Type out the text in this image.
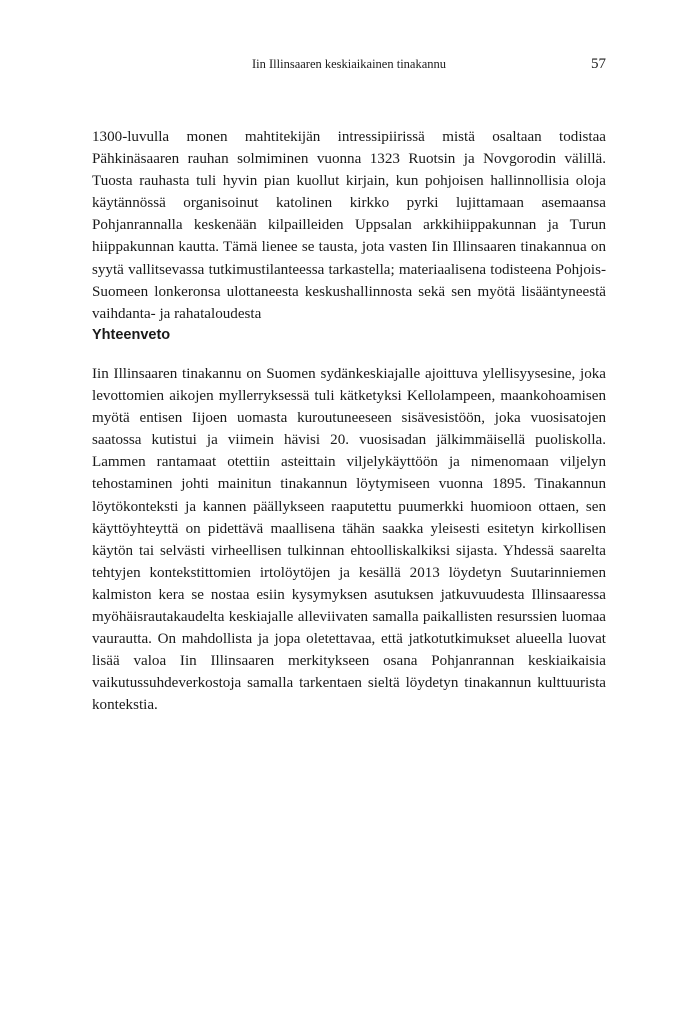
Iin Illinsaaren keskiaikainen tinakannu	57

1300-luvulla monen mahtitekijän intressipiirissä mistä osaltaan todistaa Pähkinäsaaren rauhan solmiminen vuonna 1323 Ruotsin ja Novgorodin välillä. Tuosta rauhasta tuli hyvin pian kuollut kirjain, kun pohjoisen hallinnollisia oloja käytännössä organisoinut katolinen kirkko pyrki lujittamaan asemaansa Pohjanrannalla keskenään kilpailleiden Uppsalan arkkihiippakunnan ja Turun hiippakunnan kautta. Tämä lienee se tausta, jota vasten Iin Illinsaaren tinakannua on syytä vallitsevassa tutkimustilanteessa tarkastella; materiaalisena todisteena Pohjois-Suomeen lonkeronsa ulottaneesta keskushallinnosta sekä sen myötä lisääntyneestä vaihdanta- ja rahataloudesta

Yhteenveto

Iin Illinsaaren tinakannu on Suomen sydänkeskiajalle ajoittuva ylellisyysesine, joka levottomien aikojen myllerryksessä tuli kätketyksi Kellolampeen, maankohoamisen myötä entisen Iijoen uomasta kuroutuneeseen sisävesistöön, joka vuosisatojen saatossa kutistui ja viimein hävisi 20. vuosisadan jälkimmäisellä puoliskolla. Lammen rantamaat otettiin asteittain viljelykäyttöön ja nimenomaan viljelyn tehostaminen johti mainitun tinakannun löytymiseen vuonna 1895. Tinakannun löytökonteksti ja kannen päällykseen raaputettu puumerkki huomioon ottaen, sen käyttöyhteyttä on pidettävä maallisena tähän saakka yleisesti esitetyn kirkollisen käytön tai selvästi virheellisen tulkinnan ehtoolliskalkiksi sijasta. Yhdessä saarelta tehtyjen kontekstittomien irtolöytöjen ja kesällä 2013 löydetyn Suutarinniemen kalmiston kera se nostaa esiin kysymyksen asutuksen jatkuvuudesta Illinsaaressa myöhäisrautakaudelta keskiajalle alleviivaten samalla paikallisten resurssien luomaa vaurautta. On mahdollista ja jopa oletettavaa, että jatkotutkimukset alueella luovat lisää valoa Iin Illinsaaren merkitykseen osana Pohjanrannan keskiaikaisia vaikutussuhdeverkostoja samalla tarkentaen sieltä löydetyn tinakannun kulttuurista kontekstia.
